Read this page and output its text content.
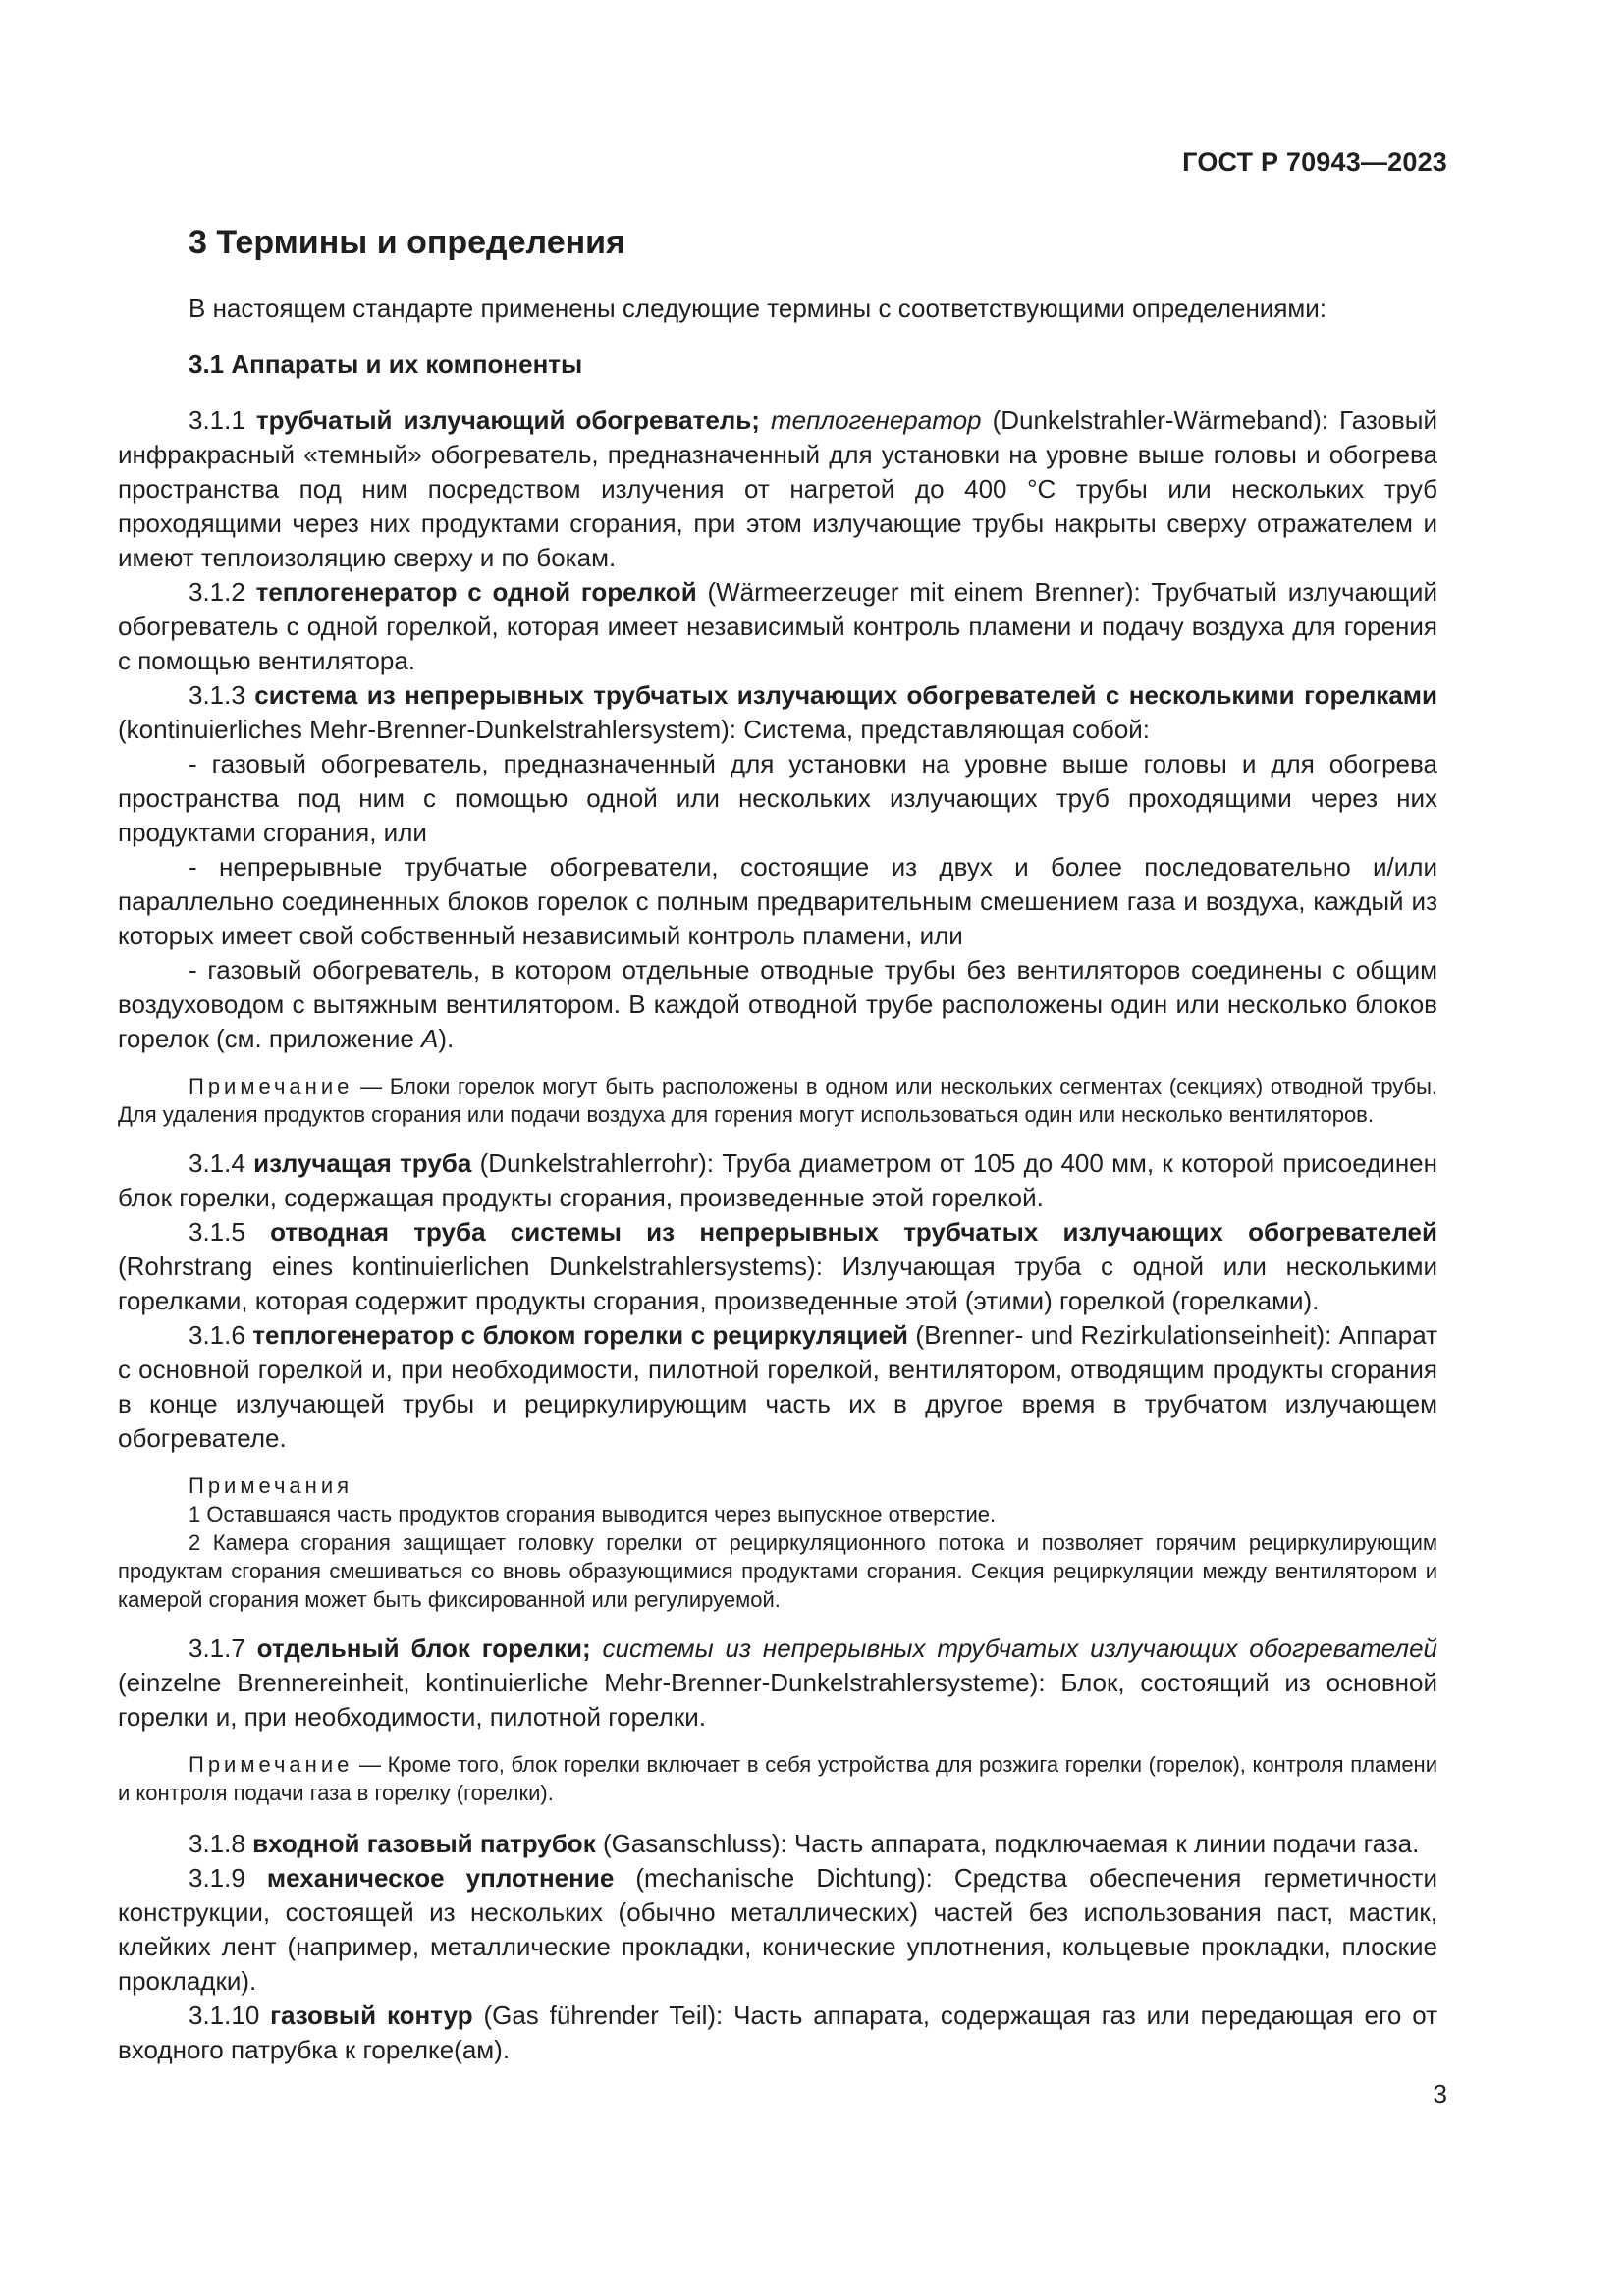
ГОСТ Р 70943—2023
3 Термины и определения

В настоящем стандарте применены следующие термины с соответствующими определениями:

3.1 Аппараты и их компоненты

3.1.1 трубчатый излучающий обогреватель; теплогенератор (Dunkelstrahler-Wärmeband): Газовый инфракрасный «темный» обогреватель, предназначенный для установки на уровне выше головы и обогрева пространства под ним посредством излучения от нагретой до 400 °С трубы или нескольких труб проходящими через них продуктами сгорания, при этом излучающие трубы накрыты сверху отражателем и имеют теплоизоляцию сверху и по бокам.

3.1.2 теплогенератор с одной горелкой (Wärmeerzeuger mit einem Brenner): Трубчатый излучающий обогреватель с одной горелкой, которая имеет независимый контроль пламени и подачу воздуха для горения с помощью вентилятора.

3.1.3 система из непрерывных трубчатых излучающих обогревателей с несколькими горелками (kontinuierliches Mehr-Brenner-Dunkelstrahlersystem): Система, представляющая собой:

- газовый обогреватель, предназначенный для установки на уровне выше головы и для обогрева пространства под ним с помощью одной или нескольких излучающих труб проходящими через них продуктами сгорания, или

- непрерывные трубчатые обогреватели, состоящие из двух и более последовательно и/или параллельно соединенных блоков горелок с полным предварительным смешением газа и воздуха, каждый из которых имеет свой собственный независимый контроль пламени, или

- газовый обогреватель, в котором отдельные отводные трубы без вентиляторов соединены с общим воздуховодом с вытяжным вентилятором. В каждой отводной трубе расположены один или несколько блоков горелок (см. приложение А).

Примечание — Блоки горелок могут быть расположены в одном или нескольких сегментах (секциях) отводной трубы. Для удаления продуктов сгорания или подачи воздуха для горения могут использоваться один или несколько вентиляторов.

3.1.4 излучащая труба (Dunkelstrahlerrohr): Труба диаметром от 105 до 400 мм, к которой присоединен блок горелки, содержащая продукты сгорания, произведенные этой горелкой.

3.1.5 отводная труба системы из непрерывных трубчатых излучающих обогревателей (Rohrstrang eines kontinuierlichen Dunkelstrahlersystems): Излучающая труба с одной или несколькими горелками, которая содержит продукты сгорания, произведенные этой (этими) горелкой (горелками).

3.1.6 теплогенератор с блоком горелки с рециркуляцией (Brenner- und Rezirkulationseinheit): Аппарат с основной горелкой и, при необходимости, пилотной горелкой, вентилятором, отводящим продукты сгорания в конце излучающей трубы и рециркулирующим часть их в другое время в трубчатом излучающем обогревателе.

Примечания

1 Оставшаяся часть продуктов сгорания выводится через выпускное отверстие.

2 Камера сгорания защищает головку горелки от рециркуляционного потока и позволяет горячим рециркулирующим продуктам сгорания смешиваться со вновь образующимися продуктами сгорания. Секция рециркуляции между вентилятором и камерой сгорания может быть фиксированной или регулируемой.

3.1.7 отдельный блок горелки; системы из непрерывных трубчатых излучающих обогревателей (einzelne Brennereinheit, kontinuierliche Mehr-Brenner-Dunkelstrahlersysteme): Блок, состоящий из основной горелки и, при необходимости, пилотной горелки.

Примечание — Кроме того, блок горелки включает в себя устройства для розжига горелки (горелок), контроля пламени и контроля подачи газа в горелку (горелки).

3.1.8 входной газовый патрубок (Gasanschluss): Часть аппарата, подключаемая к линии подачи газа.

3.1.9 механическое уплотнение (mechanische Dichtung): Средства обеспечения герметичности конструкции, состоящей из нескольких (обычно металлических) частей без использования паст, мастик, клейких лент (например, металлические прокладки, конические уплотнения, кольцевые прокладки, плоские прокладки).

3.1.10 газовый контур (Gas führender Teil): Часть аппарата, содержащая газ или передающая его от входного патрубка к горелке(ам).

3
